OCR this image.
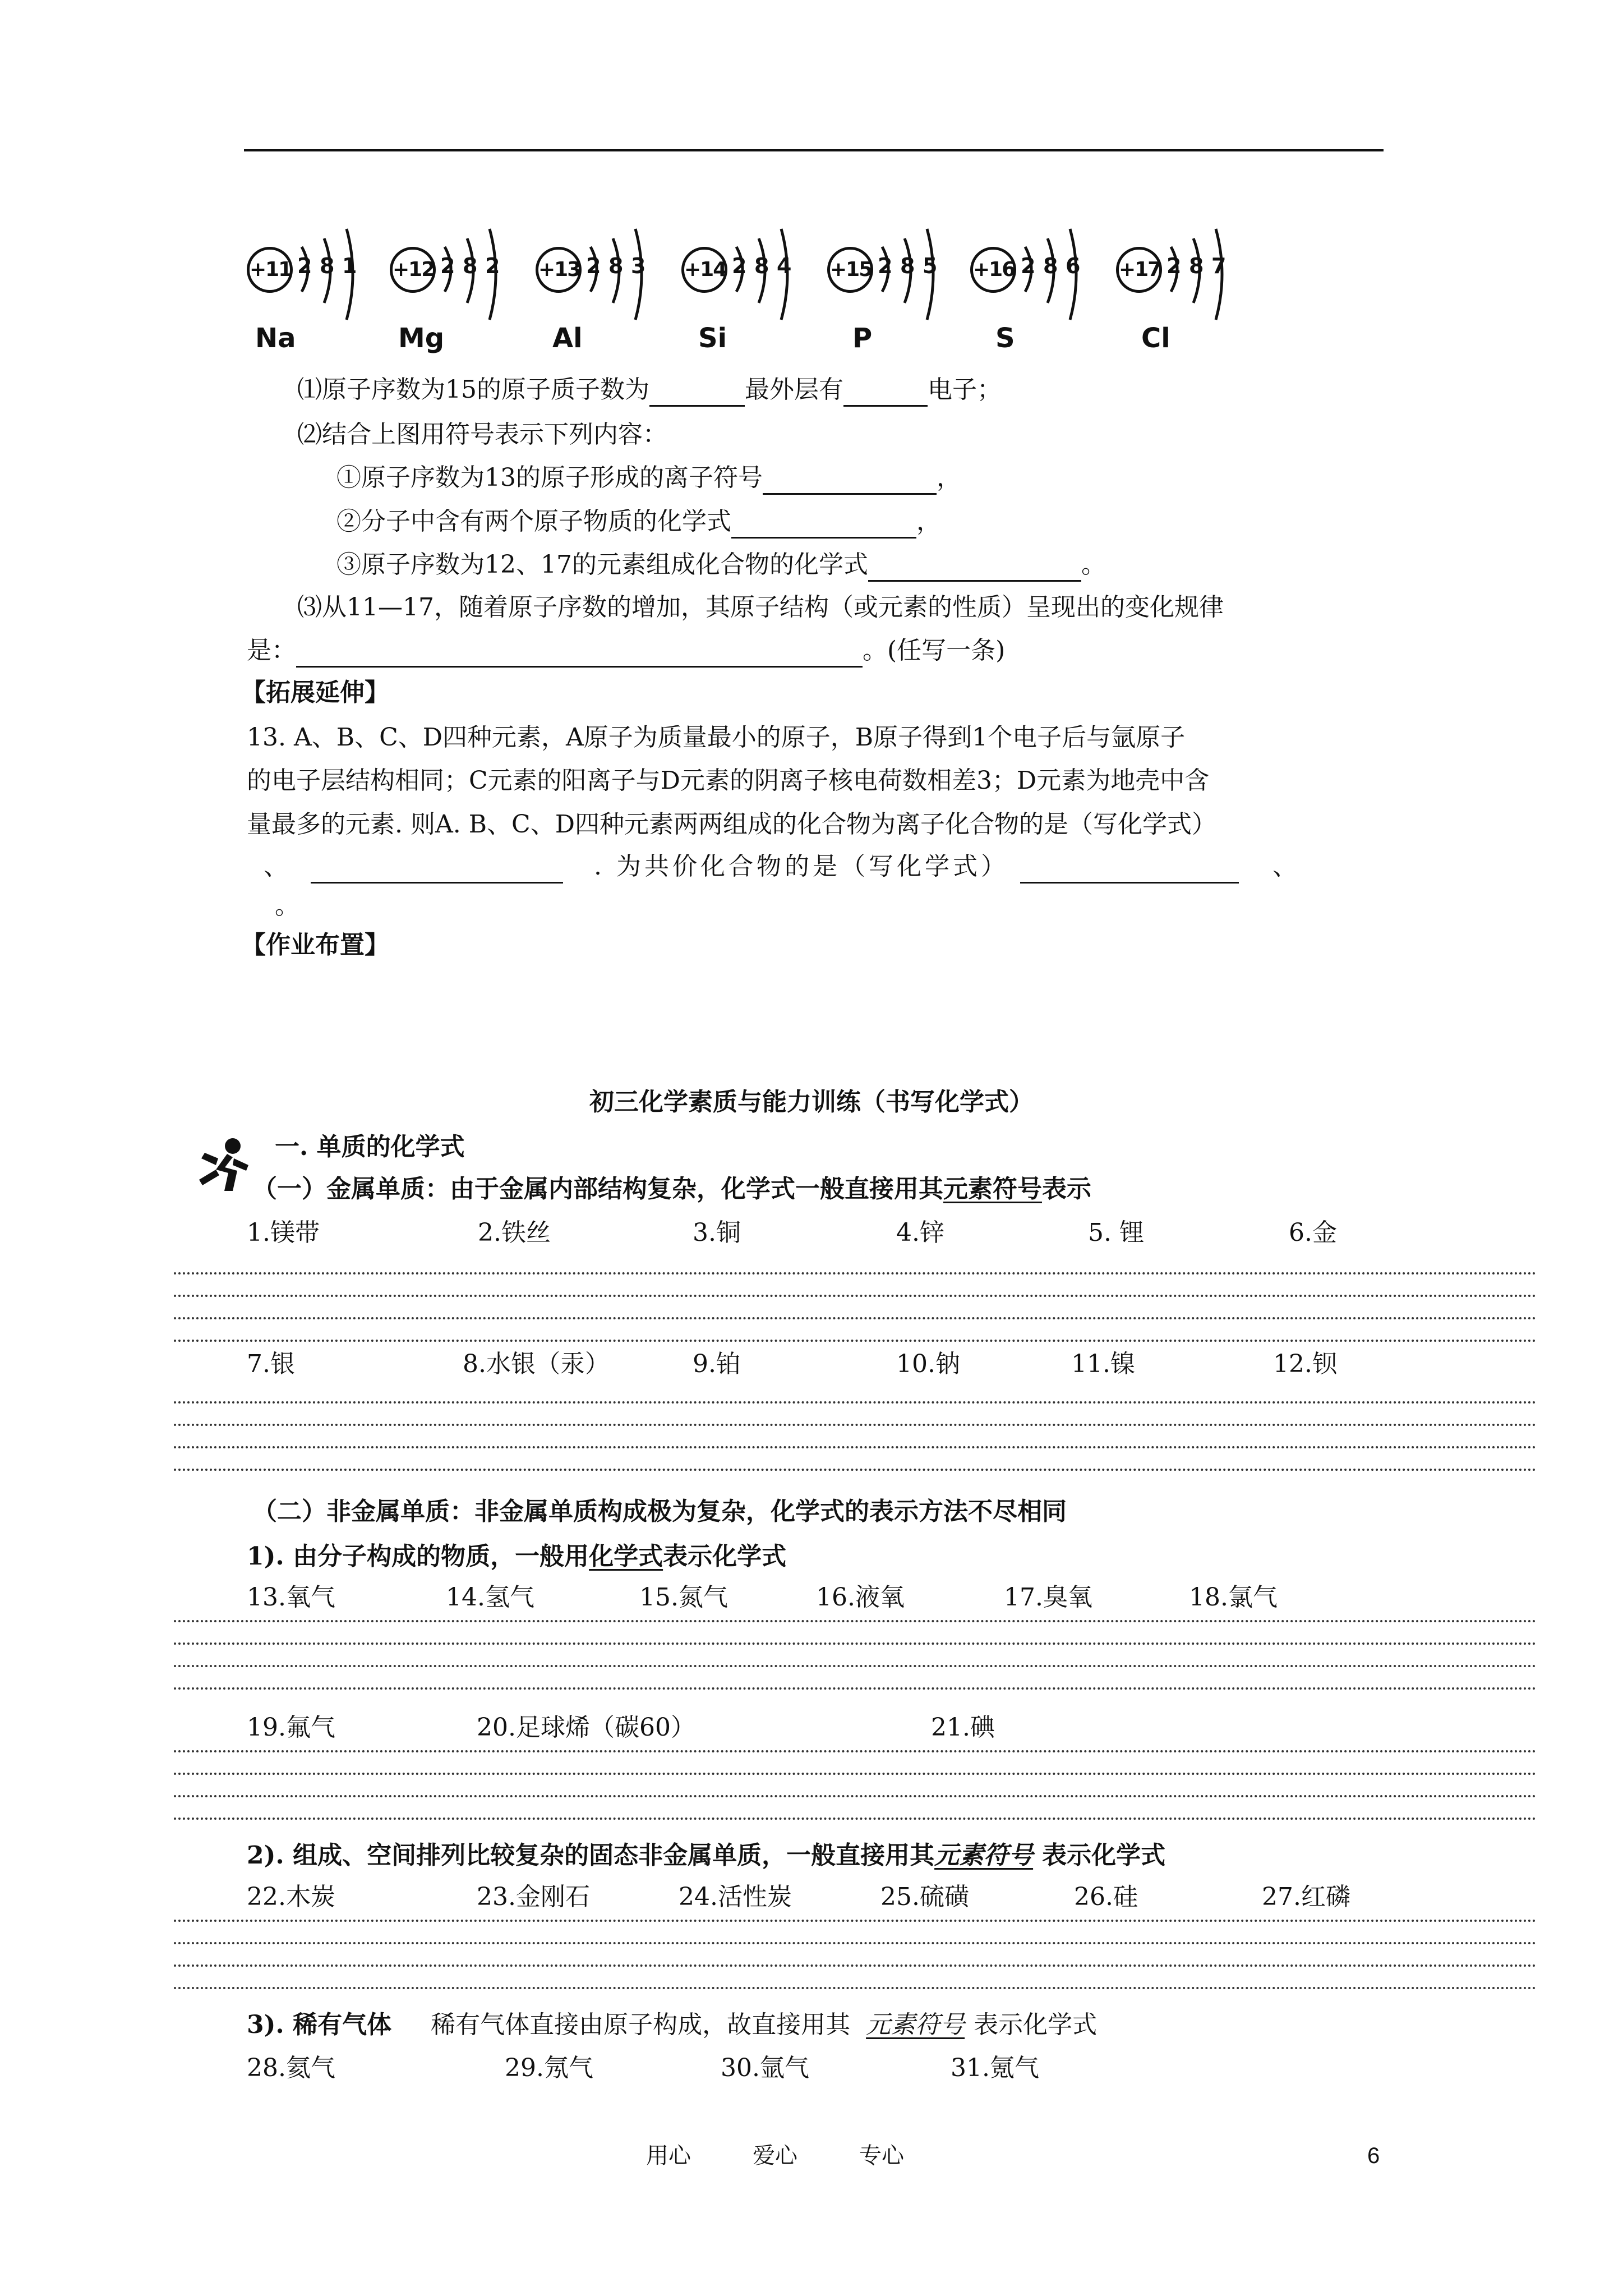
+11 2 8 1
Na
+12 2 8 2
Mg
+13 2 8 3
Al
+14 2 8 4
Si
+15 2 8 5
P
+16 2 8 6
S
+17 2 8 7
Cl
⑴原子序数为15的原子质子数为	最外层有	电子；
⑵结合上图用符号表示下列内容：
①原子序数为13的原子形成的离子符号	，
②分子中含有两个原子物质的化学式	，
③原子序数为12、17的元素组成化合物的化学式	。
⑶从11—17，随着原子序数的增加，其原子结构（或元素的性质）呈现出的变化规律
是：	。(任写一条)
【拓展延伸】
13. A、B、C、D四种元素，A原子为质量最小的原子，B原子得到1个电子后与氩原子
的电子层结构相同；C元素的阳离子与D元素的阴离子核电荷数相差3；D元素为地壳中含
量最多的元素. 则A. B、C、D四种元素两两组成的化合物为离子化合物的是（写化学式）
、	. 为共价化合物的是（写化学式）	、
。
【作业布置】
初三化学素质与能力训练（书写化学式）
一. 单质的化学式
（一）金属单质：由于金属内部结构复杂，化学式一般直接用其元素符号表示
1.镁带	2.铁丝	3.铜	4.锌	5. 锂	6.金
7.银	8.水银（汞）	9.铂	10.钠	11.镍	12.钡
（二）非金属单质：非金属单质构成极为复杂，化学式的表示方法不尽相同
1). 由分子构成的物质，一般用化学式表示化学式
13.氧气	14.氢气	15.氮气	16.液氧	17.臭氧	18.氯气
19.氟气	20.足球烯（碳60）	21.碘
2). 组成、空间排列比较复杂的固态非金属单质，一般直接用其元素符号 表示化学式
22.木炭	23.金刚石	24.活性炭	25.硫磺	26.硅	27.红磷
3). 稀有气体 稀有气体直接由原子构成，故直接用其 元素符号 表示化学式
28.氦气	29.氖气	30.氩气	31.氪气
用心	爱心	专心	6
